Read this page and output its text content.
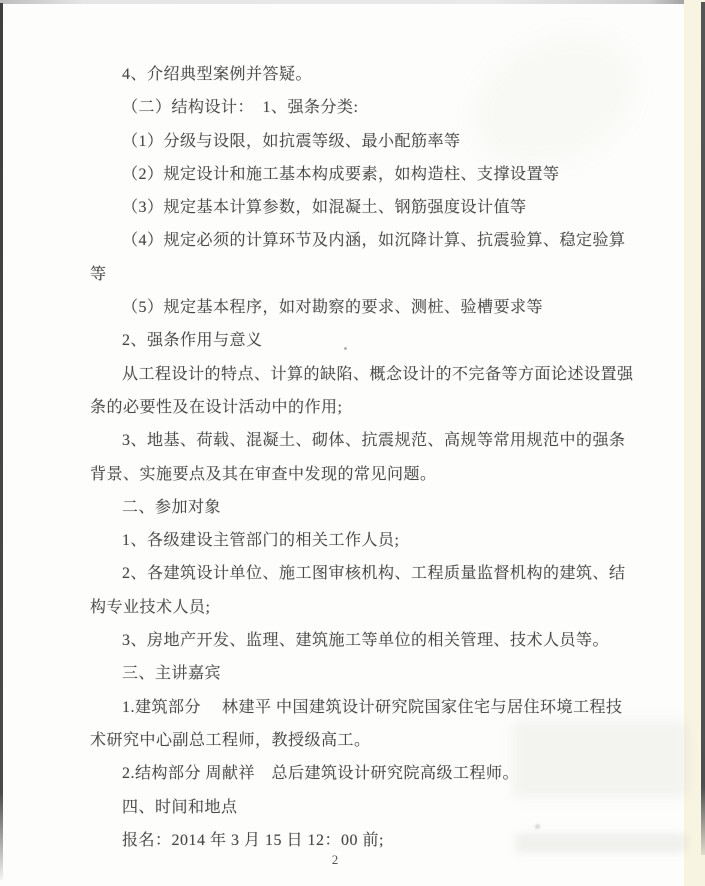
4、介绍典型案例并答疑。
（二）结构设计：　1、强条分类:
（1）分级与设限，如抗震等级、最小配筋率等
（2）规定设计和施工基本构成要素，如构造柱、支撑设置等
（3）规定基本计算参数，如混凝土、钢筋强度设计值等
（4）规定必须的计算环节及内涵，如沉降计算、抗震验算、稳定验算
等
（5）规定基本程序，如对勘察的要求、测桩、验槽要求等
2、强条作用与意义
从工程设计的特点、计算的缺陷、概念设计的不完备等方面论述设置强
条的必要性及在设计活动中的作用;
3、地基、荷载、混凝土、砌体、抗震规范、高规等常用规范中的强条
背景、实施要点及其在审查中发现的常见问题。
二、参加对象
1、各级建设主管部门的相关工作人员;
2、各建筑设计单位、施工图审核机构、工程质量监督机构的建筑、结
构专业技术人员;
3、房地产开发、监理、建筑施工等单位的相关管理、技术人员等。
三、主讲嘉宾
1.建筑部分　 林建平 中国建筑设计研究院国家住宅与居住环境工程技
术研究中心副总工程师，教授级高工。
2.结构部分 周献祥　总后建筑设计研究院高级工程师。
四、时间和地点
报名：2014 年 3 月 15 日 12：00 前;
2
